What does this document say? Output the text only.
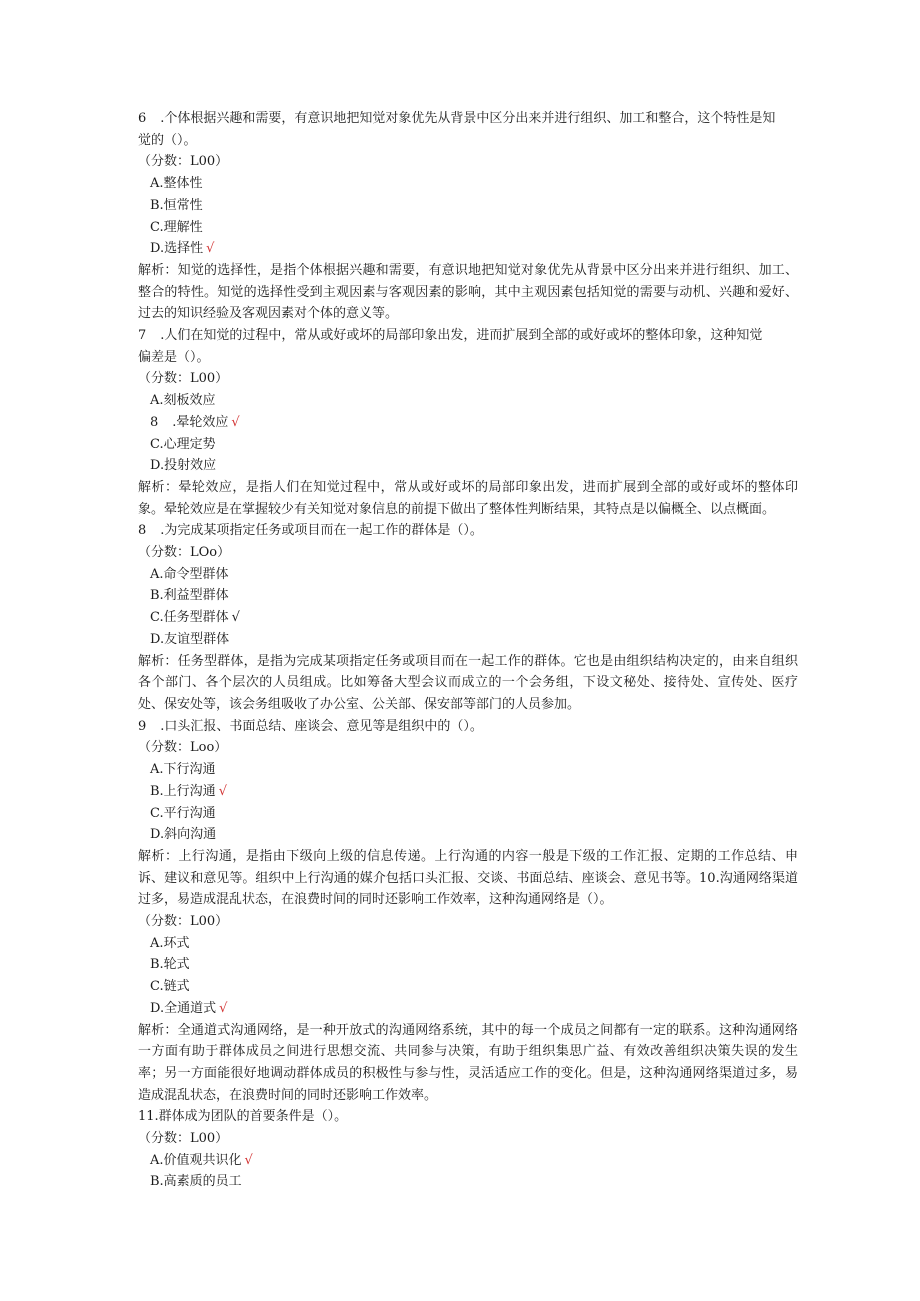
6 .个体根据兴趣和需要，有意识地把知觉对象优先从背景中区分出来并进行组织、加工和整合，这个特性是知
觉的（）。
（分数：L00）
A.整体性
B.恒常性
C.理解性
D.选择性 √
解析：知觉的选择性，是指个体根据兴趣和需要，有意识地把知觉对象优先从背景中区分出来并进行组织、加工、整合的特性。知觉的选择性受到主观因素与客观因素的影响，其中主观因素包括知觉的需要与动机、兴趣和爱好、过去的知识经验及客观因素对个体的意义等。
7 .人们在知觉的过程中，常从或好或坏的局部印象出发，进而扩展到全部的或好或坏的整体印象，这种知觉
偏差是（）。
（分数：L00）
A.刻板效应
8 .晕轮效应 √
C.心理定势
D.投射效应
解析：晕轮效应，是指人们在知觉过程中，常从或好或坏的局部印象出发，进而扩展到全部的或好或坏的整体印象。晕轮效应是在掌握较少有关知觉对象信息的前提下做出了整体性判断结果，其特点是以偏概全、以点概面。
8 .为完成某项指定任务或项目而在一起工作的群体是（）。
（分数：LOo）
A.命令型群体
B.利益型群体
C.任务型群体 √
D.友谊型群体
解析：任务型群体，是指为完成某项指定任务或项目而在一起工作的群体。它也是由组织结构决定的，由来自组织各个部门、各个层次的人员组成。比如筹备大型会议而成立的一个会务组，下设文秘处、接待处、宣传处、医疗处、保安处等，该会务组吸收了办公室、公关部、保安部等部门的人员参加。
9 .口头汇报、书面总结、座谈会、意见等是组织中的（）。
（分数：Loo）
A.下行沟通
B.上行沟通 √
C.平行沟通
D.斜向沟通
解析：上行沟通，是指由下级向上级的信息传递。上行沟通的内容一般是下级的工作汇报、定期的工作总结、申诉、建议和意见等。组织中上行沟通的媒介包括口头汇报、交谈、书面总结、座谈会、意见书等。10.沟通网络渠道过多，易造成混乱状态，在浪费时间的同时还影响工作效率，这种沟通网络是（）。
（分数：L00）
A.环式
B.轮式
C.链式
D.全通道式 √
解析：全通道式沟通网络，是一种开放式的沟通网络系统，其中的每一个成员之间都有一定的联系。这种沟通网络一方面有助于群体成员之间进行思想交流、共同参与决策，有助于组织集思广益、有效改善组织决策失误的发生率；另一方面能很好地调动群体成员的积极性与参与性，灵活适应工作的变化。但是，这种沟通网络渠道过多，易造成混乱状态，在浪费时间的同时还影响工作效率。
11.群体成为团队的首要条件是（）。
（分数：L00）
A.价值观共识化 √
B.高素质的员工
